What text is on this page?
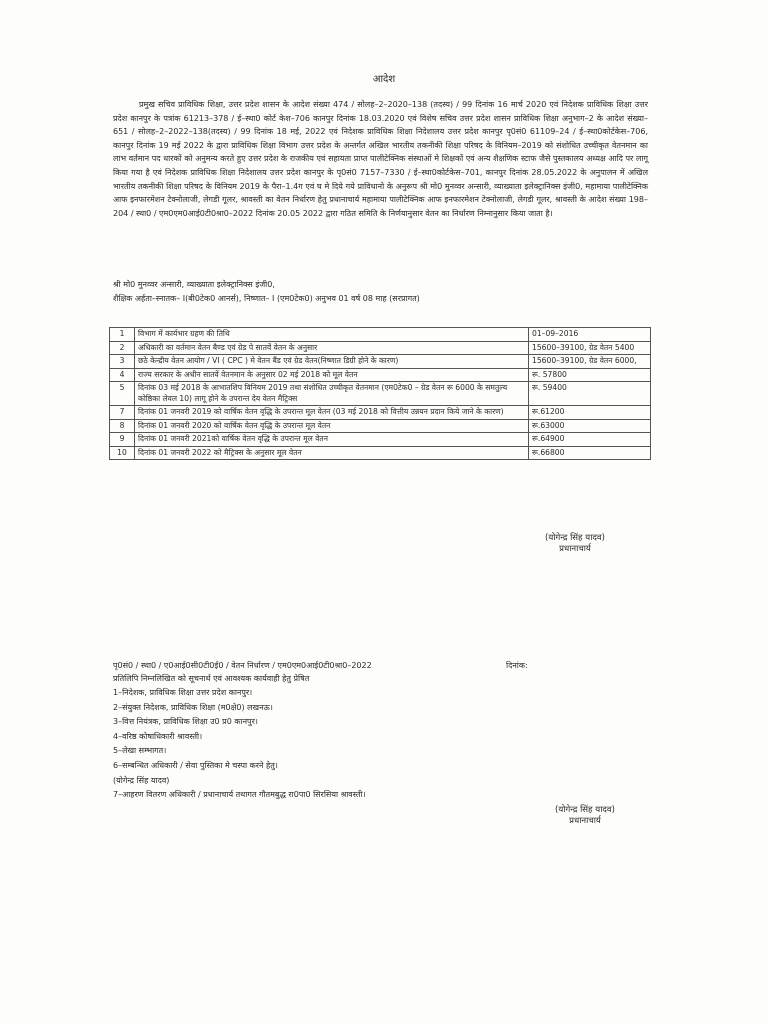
आदेश

प्रमुख सचिव प्राविधिक शिक्षा, उत्तर प्रदेश शासन के आदेश संख्या 474 / सोलह–2–2020–138 (तदस्य) / 99 दिनांक 16 मार्च 2020 एवं निदेशक प्राविधिक शिक्षा उत्तर प्रदेश कानपुर के पत्रांक 61213–378 / ई–स्था0 कोर्ट केश–706 कानपुर दिनांक 18.03.2020 एवं विशेष सचिव उत्तर प्रदेश शासन प्राविधिक शिक्षा अनुभाग–2 के आदेश संख्या–651 / सोलह–2–2022–138(तदस्य) / 99 दिनांक 18 मई, 2022 एवं निदेशक प्राविधिक शिक्षा निदेशालय उत्तर प्रदेश कानपुर पृ0सं0 61109–24 / ई–स्था0कोर्टकेस–706, कानपुर दिनांक 19 मई 2022 के द्वारा प्राविधिक शिक्षा विभाग उत्तर प्रदेश के अन्तर्गत अखिल भारतीय तकनीकी शिक्षा परिषद के विनियम–2019 को संशोधित उच्चीकृत वेतनमान का लाभ वर्तमान पद धारकों को अनुमन्य करते हुए उत्तर प्रदेश के राजकीय एवं सहायता प्राप्त पालीटेक्निक संस्थाओं मे शिक्षकों एवं अन्य शैक्षणिक स्टाफ जैसे पुस्तकालय अध्यक्ष आदि पर लागू किया गया है एवं निदेशक प्राविधिक शिक्षा निदेशालय उत्तर प्रदेश कानपुर के पृ0सं0 7157–7330 / ई–स्था0कोर्टकेस–701, कानपुर दिनांक 28.05.2022 के अनुपालन में अखिल भारतीय तकनीकी शिक्षा परिषद के विनियम 2019 के पैरा–1.4ग एवं घ मे दिये गये प्राविधानो के अनुरूप श्री मो0 मुनव्वर अन्सारी, व्याख्याता इलेक्ट्रानिक्स इंजी0, महामाया पालीटेक्निक आफ इनफारमेशन टेक्नोलाजी, लेगडी गूलर, श्रावस्ती का वेतन निर्धारण हेतु प्रधानाचार्य महामाया पालीटेक्निक आफ इनफारमेशन टेक्नोलाजी, लेगडी गूलर, श्रावस्ती के आदेश संख्या 198–204 / स्था0 / एम0एम0आई0टी0श्रा0–2022 दिनांक 20.05 2022 द्वारा गठित समिति के निर्णयानुसार वेतन का निर्धारण निम्नानुसार किया जाता है।

श्री मो0 मुनव्वर अन्सारी, व्याख्याता इलेक्ट्रानिक्स इंजी0,
शैक्षिक अर्हता–स्नातक– I(बी0टेक0 आनर्स), निष्णात– I (एम0टेक0) अनुभव 01 वर्ष 08 माह (सरप्रागत)
1	विभाग में कार्यभार ग्रहण की तिथि	01–09–2016
2	अधिकारी का वर्तमान वेतन बैण्ड एवं ग्रेड पे सातवें वेतन के अनुसार	15600–39100, ग्रेड वेतन 5400
3	छठे केन्द्रीय वेतन आयोग / VI ( CPC ) मे वेतन बैंड एवं ग्रेड वेतन(निष्णात डिग्री होने के कारण)	15600–39100, ग्रेड वेतन 6000,
4	राज्य सरकार के अधीन सातवें वेतनमान के अनुसार 02 मई 2018 को मूल वेतन	रू. 57800
5	दिनांक 03 मई 2018 के आभातशिप विनियम 2019 तथा संशोधित उच्चीकृत वेतनमान (एम0टेक0 – ग्रेड वेतन रू 6000 के समतुल्य कोष्ठिका लेवल 10) लागू होने के उपरान्त देय वेतन मैट्रिक्स	रू. 59400
7	दिनांक 01 जनवरी 2019 को वार्षिक वेतन वृद्धि के उपरान्त मूल वेतन (03 मई 2018 को वित्तीय उन्नयन प्रदान किये जाने के कारण)	रू.61200
8	दिनांक 01 जनवरी 2020 को वार्षिक वेतन वृद्धि के उपरान्त मूल वेतन	रू.63000
9	दिनांक 01 जनवरी 2021को वार्षिक वेतन वृद्धि के उपरान्त मूल वेतन	रू.64900
10	दिनांक 01 जनवरी 2022 को मैट्रिक्स के अनुसार मूल वेतन	रू.66800
(योगेन्द्र सिंह यादव)
प्रधानाचार्य
पृ0सं0 / स्था0 / ए0आई0सी0टी0ई0 / वेतन निर्धारण / एम0एम0आई0टी0श्रा0–2022	दिनांक:
प्रतिलिपि निम्नलिखित को सूचनार्थ एवं आवश्यक कार्यवाही हेतु प्रेषित
1–निदेशक, प्राविधिक शिक्षा उत्तर प्रदेश कानपुर।
2–संयुक्त निदेशक, प्राविधिक शिक्षा (म0क्षे0) लखनऊ।
3–वित्त नियंत्रक, प्राविधिक शिक्षा उ0 प्र0 कानपुर।
4–वरिष्ठ कोषाधिकारी श्रावस्ती।
5–लेखा सम्भागत।
6–सम्बन्धित अधिकारी / सेवा पुस्तिका मे चस्पा करने हेतु।
(योगेन्द्र सिंह यादव)
7–आहरण वितरण अधिकारी / प्रधानाचार्य तथागत गौतमबुद्ध रा0पा0 सिरसिया श्रावस्ती।
(योगेन्द्र सिंह यादव)
प्रधानाचार्य
